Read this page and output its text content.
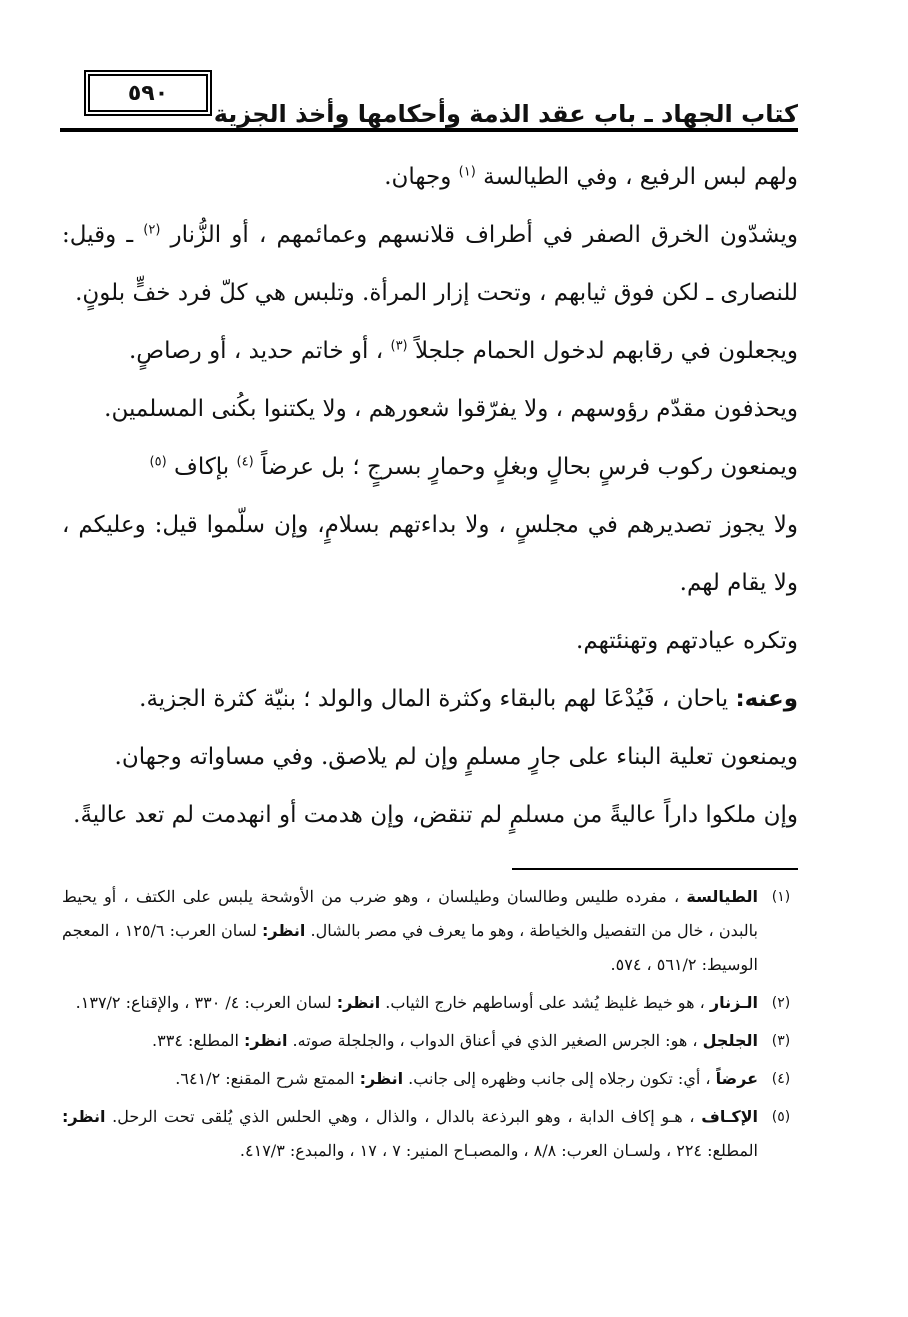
٥٩٠
كتاب الجهاد ـ باب عقد الذمة وأحكامها وأخذ الجزية

ولهم لبس الرفيع ، وفي الطيالسة $^{(١)}$ وجهان.

ويشدّون الخرق الصفر في أطراف قلانسهم وعمائمهم ، أو الزُّنار $^{(٢)}$ ـ وقيل: للنصارى ـ لكن فوق ثيابهم ، وتحت إزار المرأة. وتلبس هي كلّ فرد خفٍّ بلونٍ.

ويجعلون في رقابهم لدخول الحمام جلجلاً $^{(٣)}$ ، أو خاتم حديد ، أو رصاصٍ.

ويحذفون مقدّم رؤوسهم ، ولا يفرّقوا شعورهم ، ولا يكتنوا بكُنى المسلمين.

ويمنعون ركوب فرسٍ بحالٍ وبغلٍ وحمارٍ بسرجٍ ؛ بل عرضاً $^{(٤)}$ بإكاف $^{(٥)}$

ولا يجوز تصديرهم في مجلسٍ ، ولا بداءتهم بسلامٍ، وإن سلّموا قيل: وعليكم ، ولا يقام لهم.

وتكره عيادتهم وتهنئتهم.

وعنه: ياحان ، فَيُدْعَا لهم بالبقاء وكثرة المال والولد ؛ بنيّة كثرة الجزية.

ويمنعون تعلية البناء على جارٍ مسلمٍ وإن لم يلاصق. وفي مساواته وجهان.

وإن ملكوا داراً عاليةً من مسلمٍ لم تنقض، وإن هدمت أو انهدمت لم تعد عاليةً.

(١)
الطيالسة ، مفرده طليس وطالسان وطيلسان ، وهو ضرب من الأوشحة يلبس على الكتف ، أو يحيط بالبدن ، خال من التفصيل والخياطة ، وهو ما يعرف في مصر بالشال. انظر: لسان العرب: ١٢٥/٦ ، المعجم الوسيط: ٥٦١/٢ ، ٥٧٤.
(٢)
الـزنار ، هو خيط غليظ يُشد على أوساطهم خارج الثياب. انظر: لسان العرب: ٤/ ٣٣٠ ، والإقناع: ١٣٧/٢.
(٣)
الجلجل ، هو: الجرس الصغير الذي في أعناق الدواب ، والجلجلة صوته. انظر: المطلع: ٣٣٤.
(٤)
عرضاً ، أي: تكون رجلاه إلى جانب وظهره إلى جانب. انظر: الممتع شرح المقنع: ٦٤١/٢.
(٥)
الإكـاف ، هـو إكاف الدابة ، وهو البرذعة بالدال ، والذال ، وهي الحلس الذي يُلقى تحت الرحل. انظر: المطلع: ٢٢٤ ، ولسـان العرب: ٨/٨ ، والمصبـاح المنير: ٧ ، ١٧ ، والمبدع: ٤١٧/٣.
